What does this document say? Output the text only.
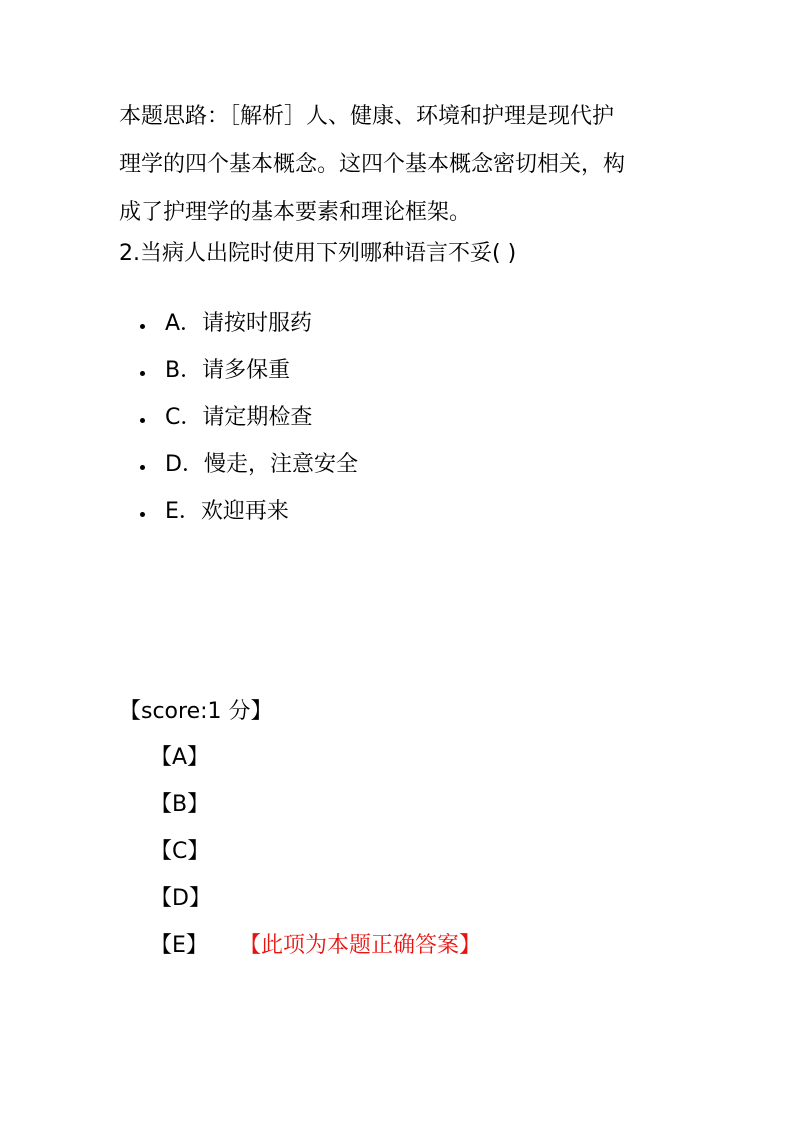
本题思路：［解析］人、健康、环境和护理是现代护

理学的四个基本概念。这四个基本概念密切相关，构

成了护理学的基本要素和理论框架。

2.当病人出院时使用下列哪种语言不妥( )
A．请按时服药
B．请多保重
C．请定期检查
D．慢走，注意安全
E．欢迎再来
【score:1 分】
【A】
【B】
【C】
【D】
【E】 【此项为本题正确答案】
